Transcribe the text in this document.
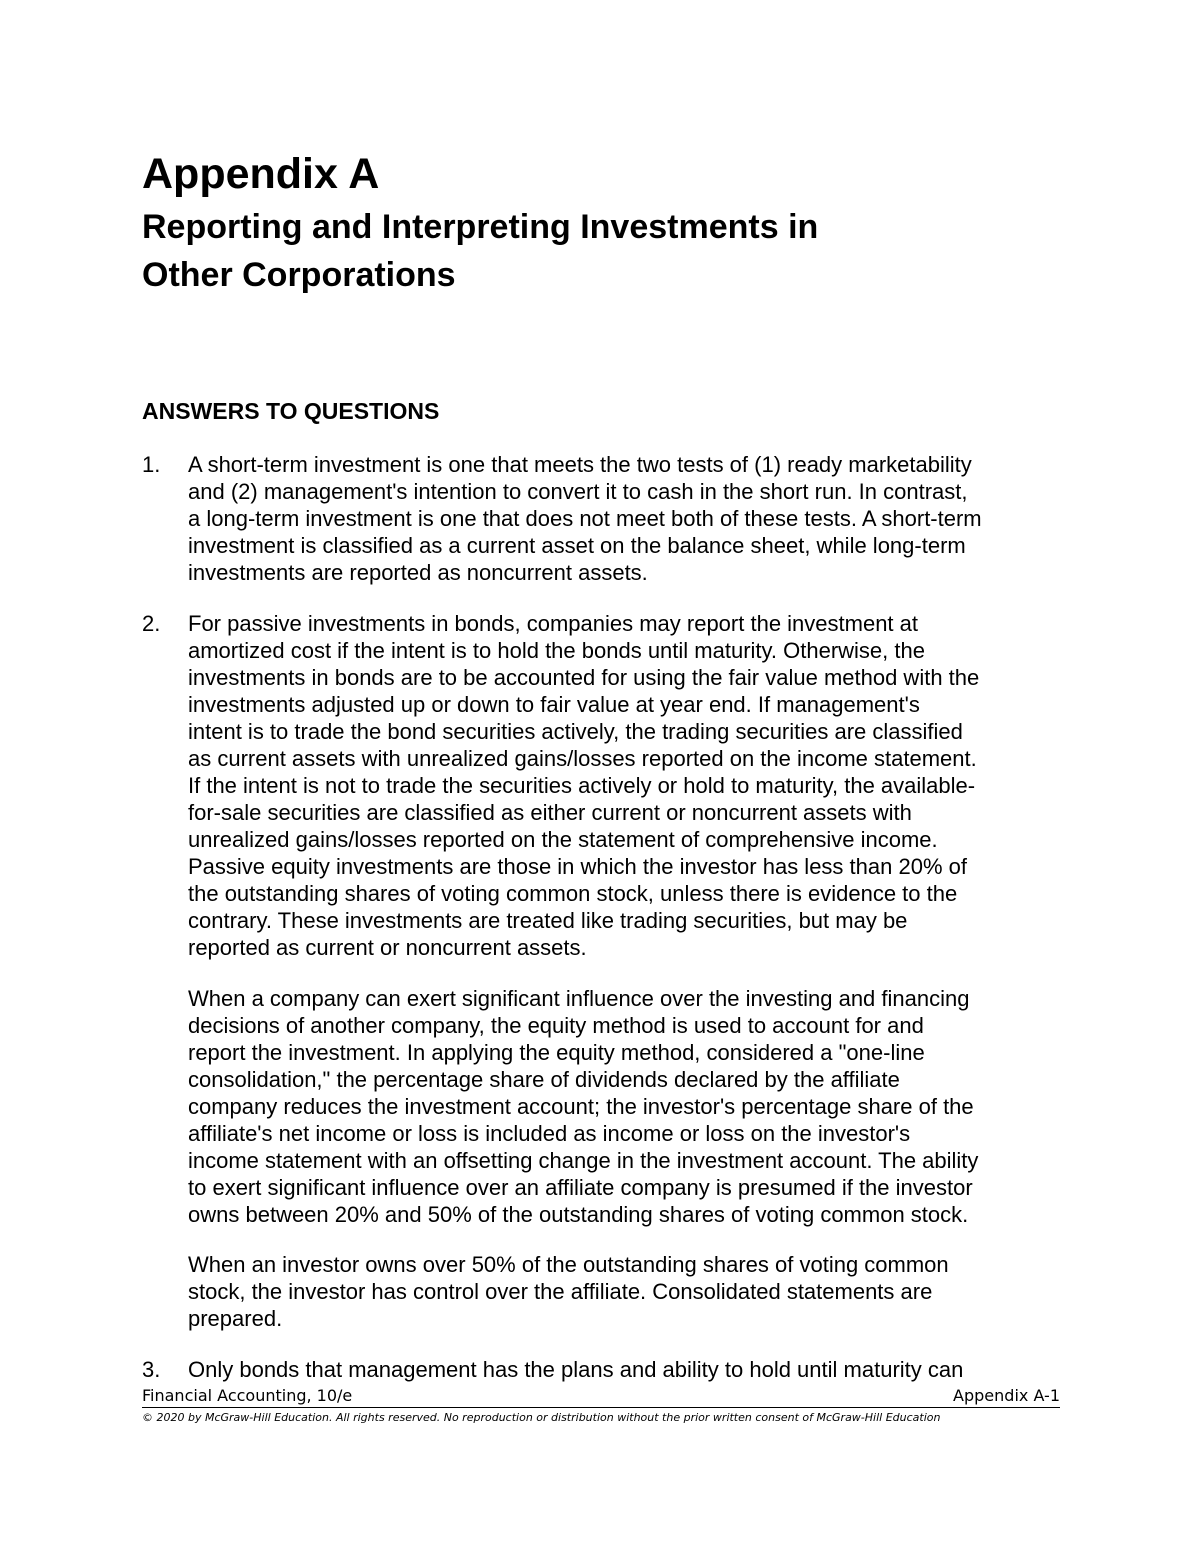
Appendix A
Reporting and Interpreting Investments in
Other Corporations
ANSWERS TO QUESTIONS
1. A short-term investment is one that meets the two tests of (1) ready marketability
and (2) management's intention to convert it to cash in the short run. In contrast,
a long-term investment is one that does not meet both of these tests. A short-term
investment is classified as a current asset on the balance sheet, while long-term
investments are reported as noncurrent assets.

2. For passive investments in bonds, companies may report the investment at
amortized cost if the intent is to hold the bonds until maturity. Otherwise, the
investments in bonds are to be accounted for using the fair value method with the
investments adjusted up or down to fair value at year end. If management's
intent is to trade the bond securities actively, the trading securities are classified
as current assets with unrealized gains/losses reported on the income statement.
If the intent is not to trade the securities actively or hold to maturity, the available-
for-sale securities are classified as either current or noncurrent assets with
unrealized gains/losses reported on the statement of comprehensive income.
Passive equity investments are those in which the investor has less than 20% of
the outstanding shares of voting common stock, unless there is evidence to the
contrary. These investments are treated like trading securities, but may be
reported as current or noncurrent assets.

When a company can exert significant influence over the investing and financing
decisions of another company, the equity method is used to account for and
report the investment. In applying the equity method, considered a "one-line
consolidation," the percentage share of dividends declared by the affiliate
company reduces the investment account; the investor's percentage share of the
affiliate's net income or loss is included as income or loss on the investor's
income statement with an offsetting change in the investment account. The ability
to exert significant influence over an affiliate company is presumed if the investor
owns between 20% and 50% of the outstanding shares of voting common stock.

When an investor owns over 50% of the outstanding shares of voting common
stock, the investor has control over the affiliate. Consolidated statements are
prepared.

3. Only bonds that management has the plans and ability to hold until maturity can

Financial Accounting, 10/e	Appendix A-1
© 2020 by McGraw-Hill Education. All rights reserved. No reproduction or distribution without the prior written consent of McGraw-Hill Education
